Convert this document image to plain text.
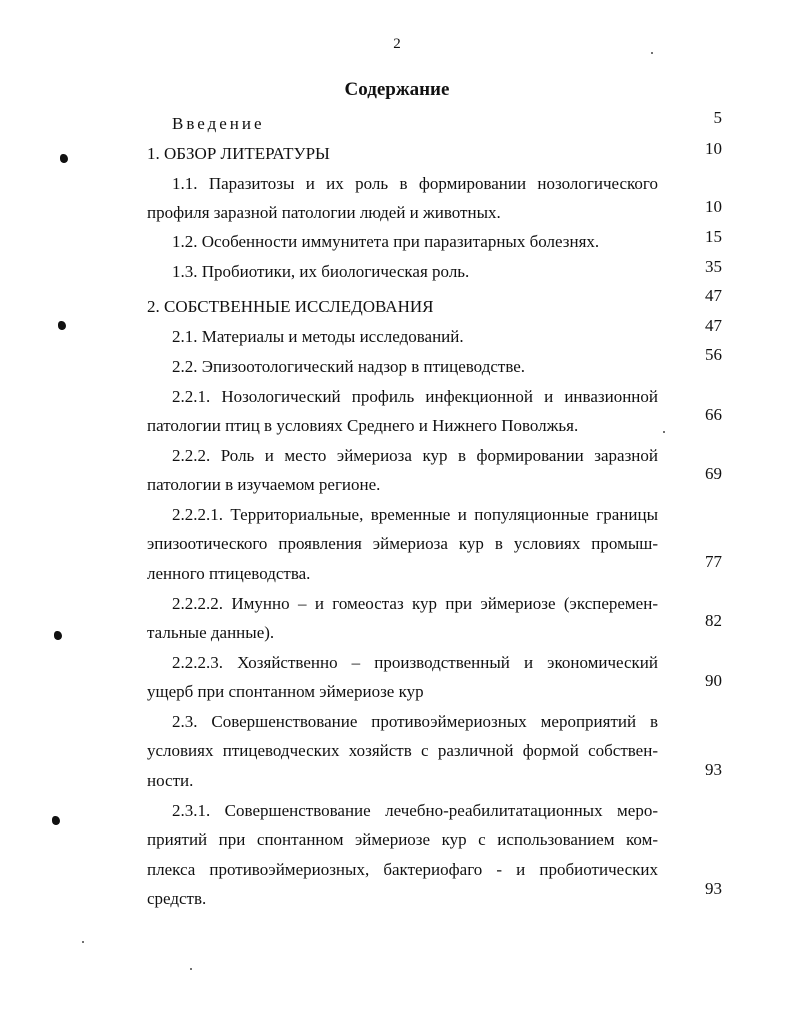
2
Содержание
Введение
1. ОБЗОР ЛИТЕРАТУРЫ
1.1. Паразитозы и их роль в формировании нозологического
профиля заразной патологии людей и животных.
1.2. Особенности иммунитета при паразитарных болезнях.
1.3. Пробиотики, их биологическая роль.
2. СОБСТВЕННЫЕ ИССЛЕДОВАНИЯ
2.1. Материалы и методы исследований.
2.2. Эпизоотологический надзор в птицеводстве.
2.2.1. Нозологический профиль инфекционной и инвазионной
патологии птиц в условиях Среднего и Нижнего Поволжья.
2.2.2. Роль и место эймериоза кур в формировании заразной
патологии в изучаемом регионе.
2.2.2.1. Территориальные, временные и популяционные границы
эпизоотического проявления эймериоза кур в условиях промыш-
ленного птицеводства.
2.2.2.2. Имунно – и гомеостаз кур при эймериозе (эксперемен-
тальные данные).
2.2.2.3. Хозяйственно – производственный и экономический
ущерб при спонтанном эймериозе кур
2.3. Совершенствование противоэймериозных мероприятий в
условиях птицеводческих хозяйств с различной формой собствен-
ности.
2.3.1. Совершенствование лечебно-реабилитатационных меро-
приятий при спонтанном эймериозе кур с использованием ком-
плекса противоэймериозных, бактериофаго - и пробиотических
средств.
5
10
10
15
35
47
47
56
66
69
77
82
90
93
93
